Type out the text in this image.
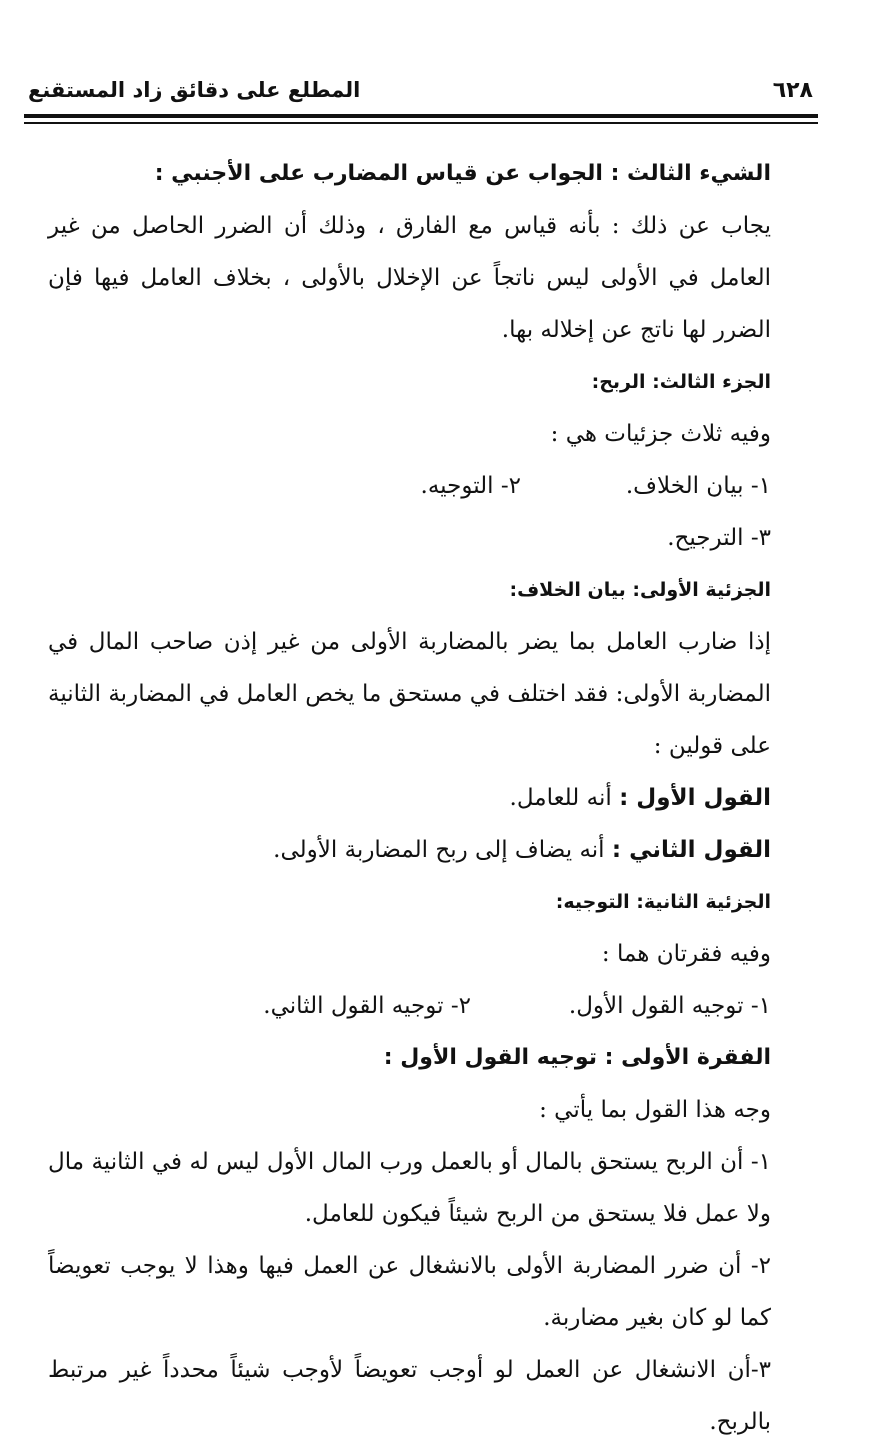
٦٢٨
المطلع على دقائق زاد المستقنع

الشيء الثالث : الجواب عن قياس المضارب على الأجنبي :

يجاب عن ذلك : بأنه قياس مع الفارق ، وذلك أن الضرر الحاصل من غير العامل في الأولى ليس ناتجاً عن الإخلال بالأولى ، بخلاف العامل فيها فإن الضرر لها ناتج عن إخلاله بها.

الجزء الثالث: الربح:

وفيه ثلاث جزئيات هي :

١- بيان الخلاف.

٢- التوجيه.

٣- الترجيح.

الجزئية الأولى: بيان الخلاف:

إذا ضارب العامل بما يضر بالمضاربة الأولى من غير إذن صاحب المال في المضاربة الأولى: فقد اختلف في مستحق ما يخص العامل في المضاربة الثانية على قولين :

القول الأول : أنه للعامل.

القول الثاني : أنه يضاف إلى ربح المضاربة الأولى.

الجزئية الثانية: التوجيه:

وفيه فقرتان هما :

١- توجيه القول الأول.

٢- توجيه القول الثاني.

الفقرة الأولى : توجيه القول الأول :

وجه هذا القول بما يأتي :

١- أن الربح يستحق بالمال أو بالعمل ورب المال الأول ليس له في الثانية مال ولا عمل فلا يستحق من الربح شيئاً فيكون للعامل.

٢- أن ضرر المضاربة الأولى بالانشغال عن العمل فيها وهذا لا يوجب تعويضاً كما لو كان بغير مضاربة.

٣-أن الانشغال عن العمل لو أوجب تعويضاً لأوجب شيئاً محدداً غير مرتبط بالربح.
